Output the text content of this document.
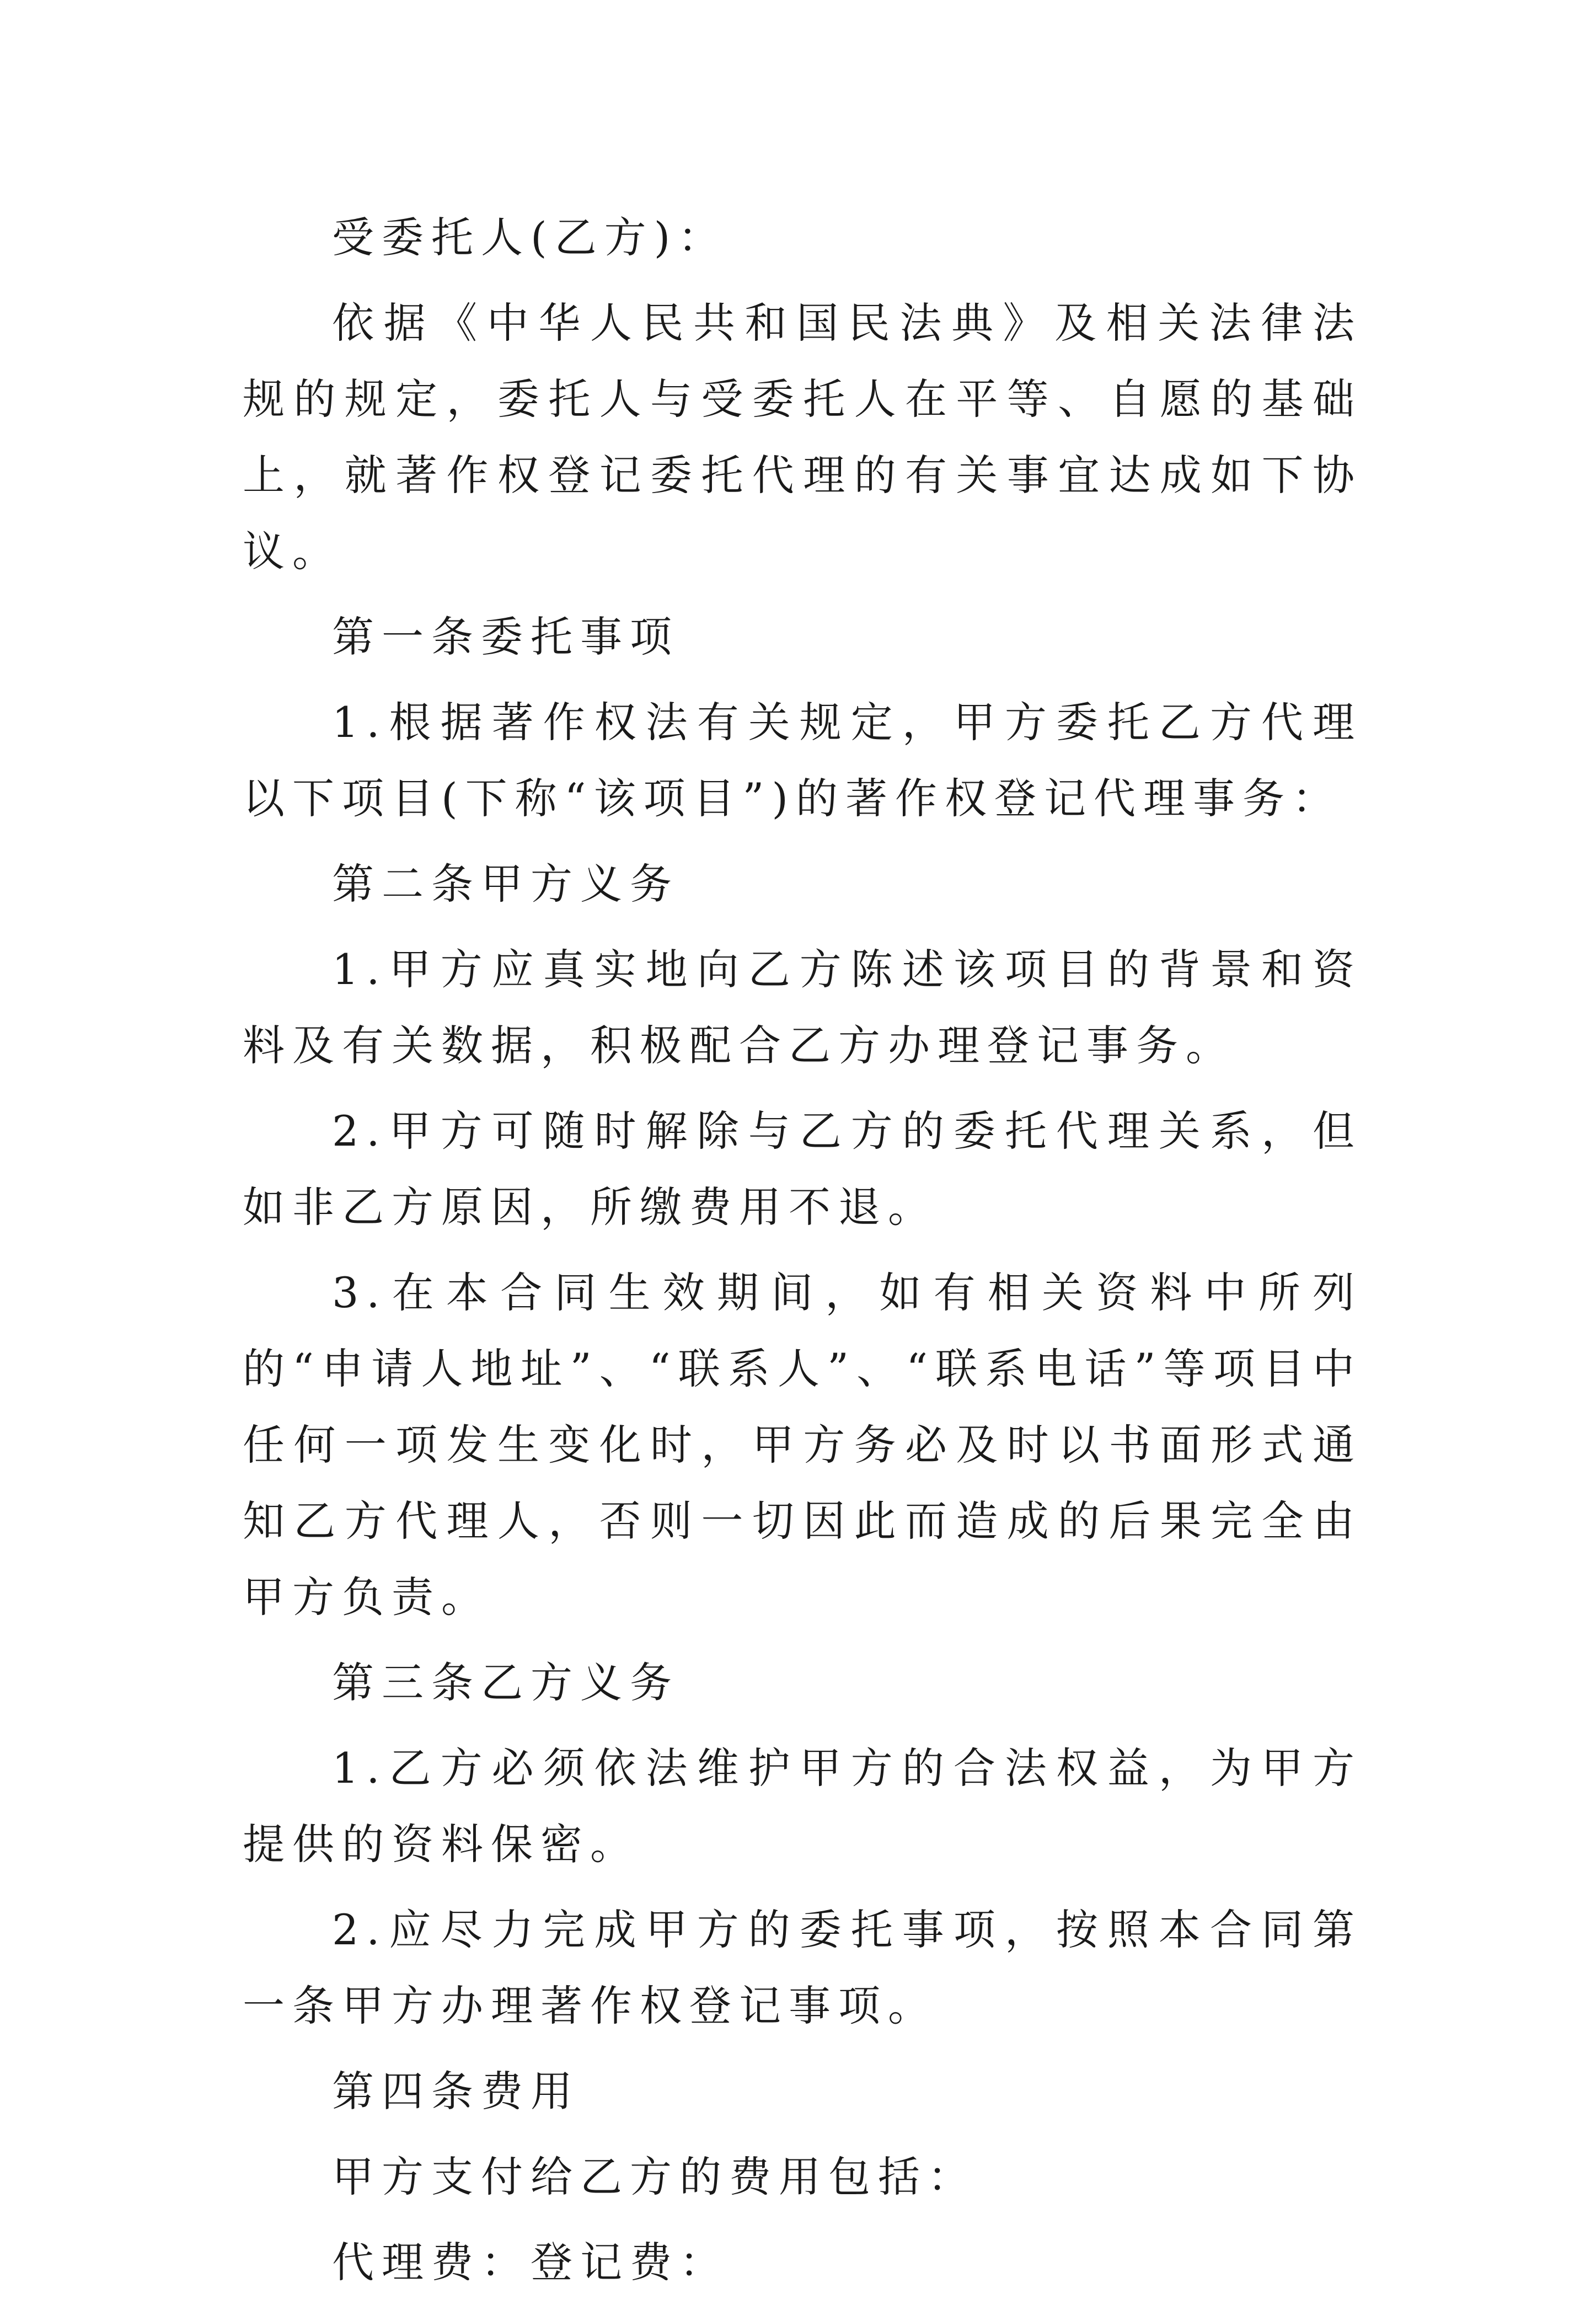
受委托人(乙方)：

依据《中华人民共和国民法典》及相关法律法规的规定，委托人与受委托人在平等、自愿的基础上，就著作权登记委托代理的有关事宜达成如下协议。

第一条委托事项

1.根据著作权法有关规定，甲方委托乙方代理以下项目(下称“该项目”)的著作权登记代理事务：

第二条甲方义务

1.甲方应真实地向乙方陈述该项目的背景和资料及有关数据，积极配合乙方办理登记事务。

2.甲方可随时解除与乙方的委托代理关系，但如非乙方原因，所缴费用不退。

3.在本合同生效期间，如有相关资料中所列的“申请人地址”、“联系人”、“联系电话”等项目中任何一项发生变化时，甲方务必及时以书面形式通知乙方代理人，否则一切因此而造成的后果完全由甲方负责。

第三条乙方义务

1.乙方必须依法维护甲方的合法权益，为甲方提供的资料保密。

2.应尽力完成甲方的委托事项，按照本合同第一条甲方办理著作权登记事项。

第四条费用

甲方支付给乙方的费用包括：

代理费：登记费：
